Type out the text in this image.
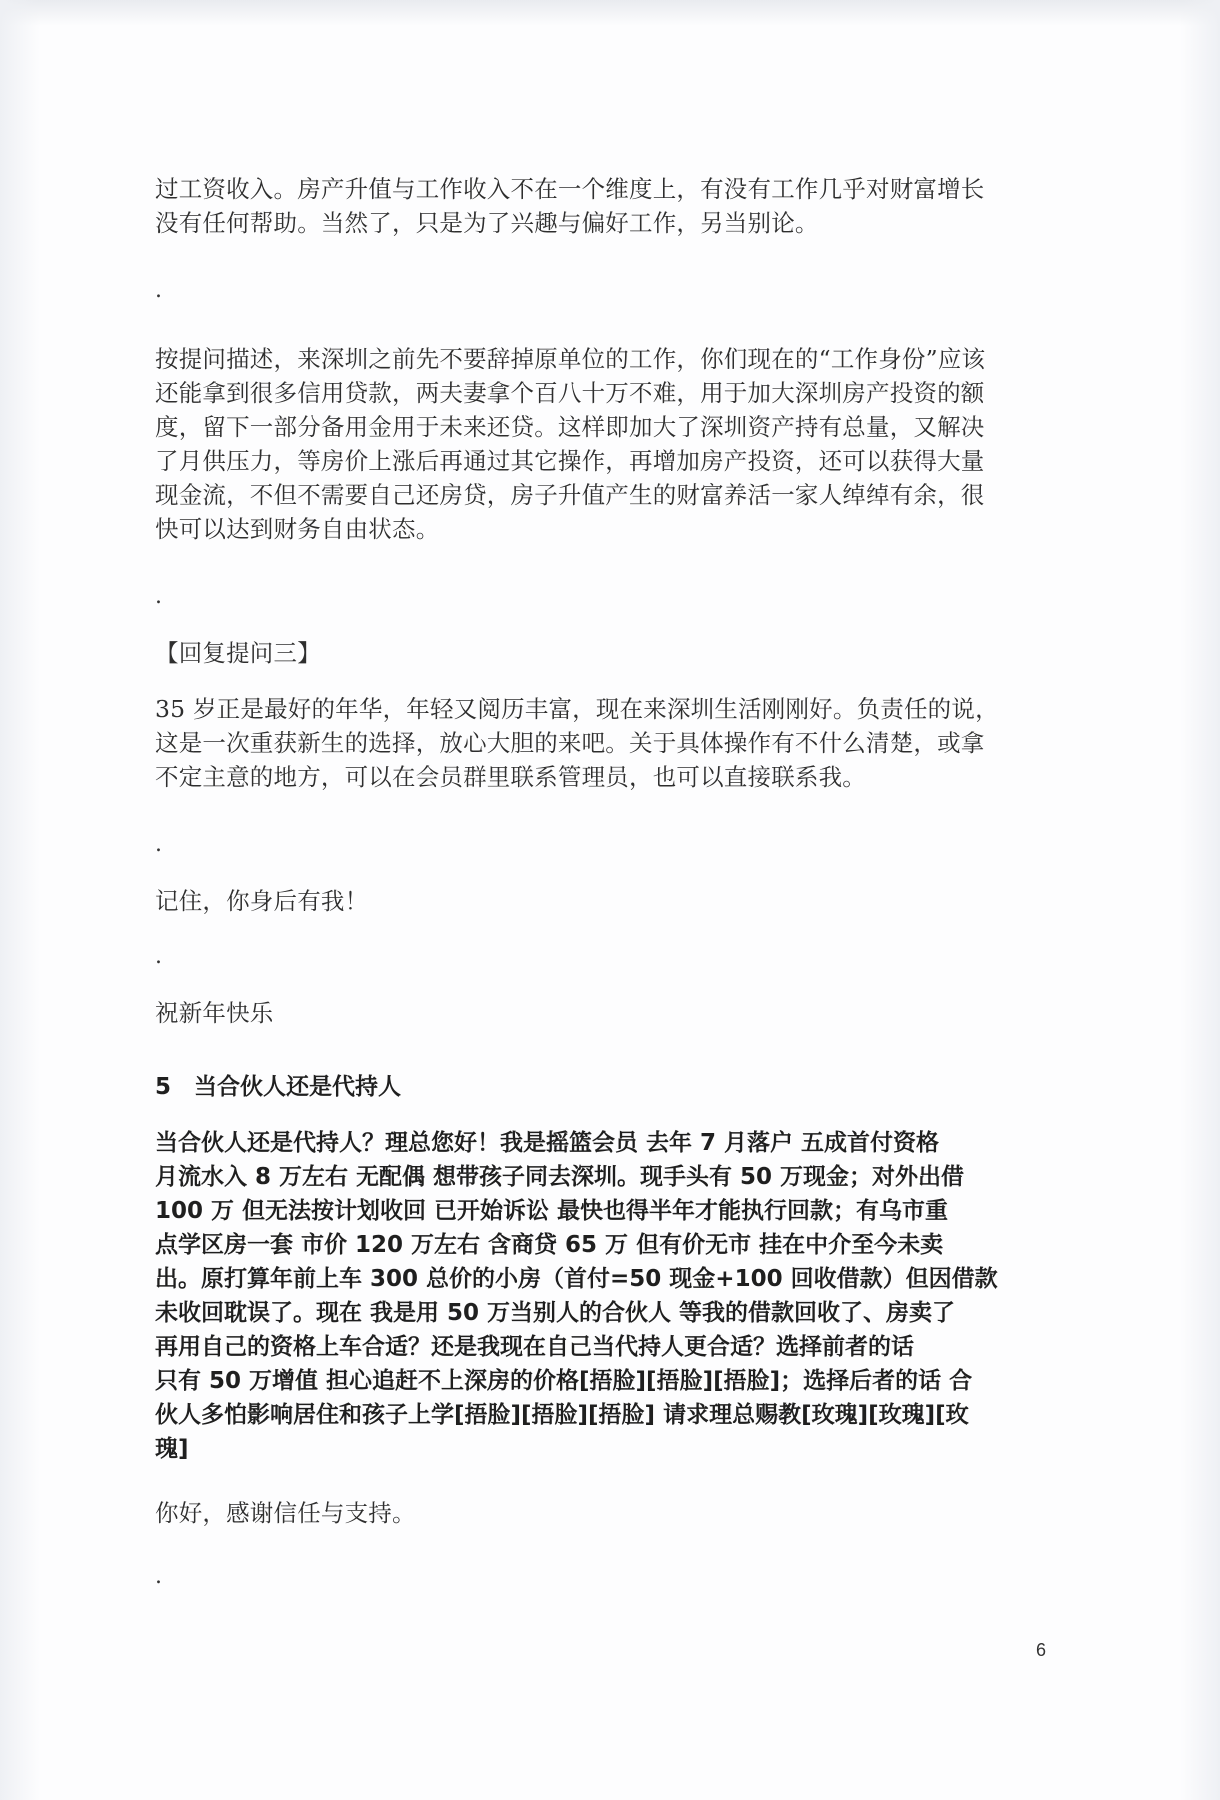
过工资收入。房产升值与工作收入不在一个维度上，有没有工作几乎对财富增长
没有任何帮助。当然了，只是为了兴趣与偏好工作，另当别论。

.

按提问描述，来深圳之前先不要辞掉原单位的工作，你们现在的“工作身份”应该
还能拿到很多信用贷款，两夫妻拿个百八十万不难，用于加大深圳房产投资的额
度，留下一部分备用金用于未来还贷。这样即加大了深圳资产持有总量，又解决
了月供压力，等房价上涨后再通过其它操作，再增加房产投资，还可以获得大量
现金流，不但不需要自己还房贷，房子升值产生的财富养活一家人绰绰有余，很
快可以达到财务自由状态。

.

【回复提问三】

35 岁正是最好的年华，年轻又阅历丰富，现在来深圳生活刚刚好。负责任的说，
这是一次重获新生的选择，放心大胆的来吧。关于具体操作有不什么清楚，或拿
不定主意的地方，可以在会员群里联系管理员，也可以直接联系我。

.

记住，你身后有我！

.

祝新年快乐

5　当合伙人还是代持人

当合伙人还是代持人？理总您好！我是摇篮会员 去年 7 月落户 五成首付资格
月流水入 8 万左右 无配偶 想带孩子同去深圳。现手头有 50 万现金；对外出借
100 万 但无法按计划收回 已开始诉讼 最快也得半年才能执行回款；有乌市重
点学区房一套 市价 120 万左右 含商贷 65 万 但有价无市 挂在中介至今未卖
出。原打算年前上车 300 总价的小房（首付=50 现金+100 回收借款）但因借款
未收回耽误了。现在 我是用 50 万当别人的合伙人 等我的借款回收了、房卖了
再用自己的资格上车合适？还是我现在自己当代持人更合适？选择前者的话
只有 50 万增值 担心追赶不上深房的价格[捂脸][捂脸][捂脸]；选择后者的话 合
伙人多怕影响居住和孩子上学[捂脸][捂脸][捂脸] 请求理总赐教[玫瑰][玫瑰][玫
瑰]

你好，感谢信任与支持。

.

6
